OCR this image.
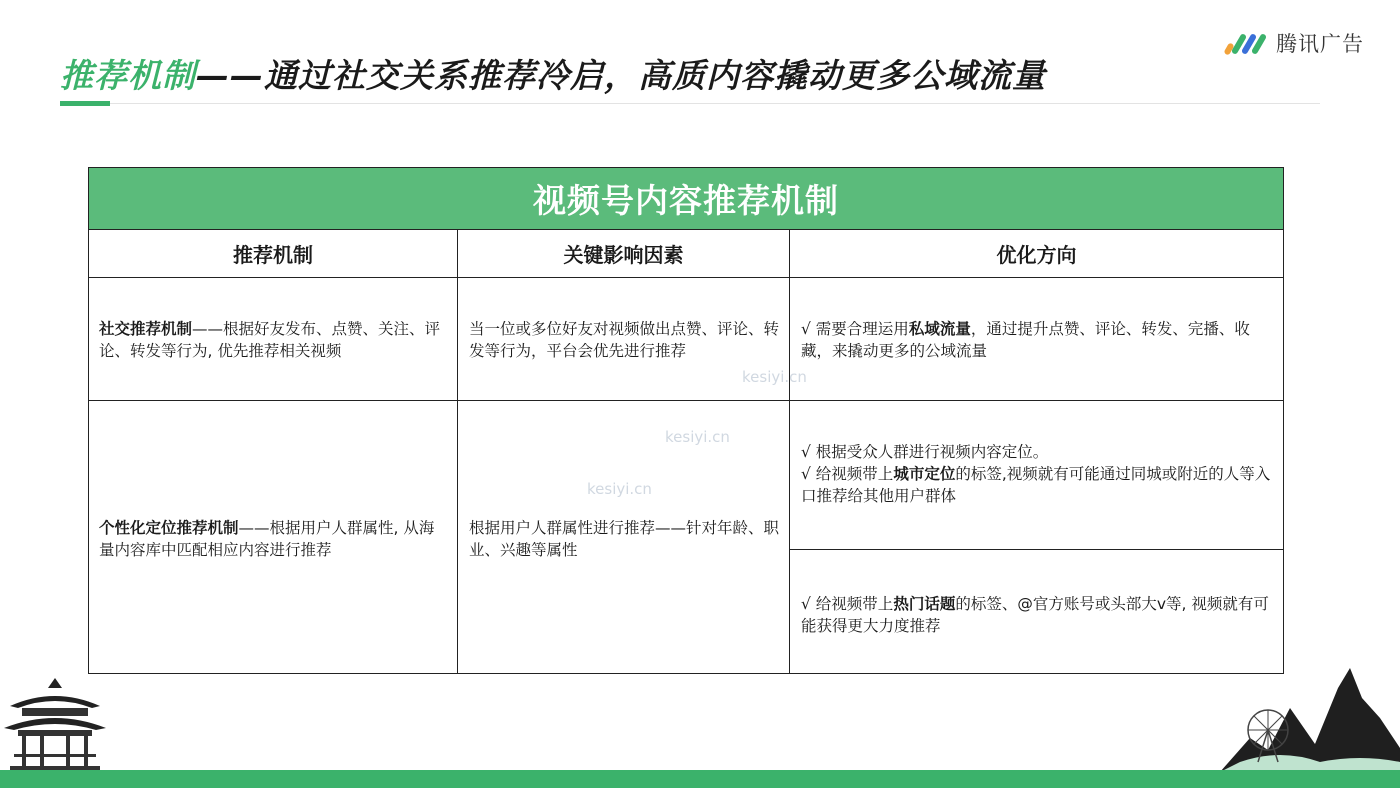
推荐机制——通过社交关系推荐冷启，高质内容撬动更多公域流量
腾讯广告
视频号内容推荐机制
推荐机制	关键影响因素	优化方向
社交推荐机制——根据好友发布、点赞、关注、评论、转发等行为, 优先推荐相关视频
当一位或多位好友对视频做出点赞、评论、转发等行为，平台会优先进行推荐
√ 需要合理运用私域流量，通过提升点赞、评论、转发、完播、收藏，来撬动更多的公域流量
个性化定位推荐机制——根据用户人群属性, 从海量内容库中匹配相应内容进行推荐
根据用户人群属性进行推荐——针对年龄、职业、兴趣等属性
√ 根据受众人群进行视频内容定位。
√ 给视频带上城市定位的标签,视频就有可能通过同城或附近的人等入口推荐给其他用户群体
√ 给视频带上热门话题的标签、@官方账号或头部大v等, 视频就有可能获得更大力度推荐
kesiyi.cn
kesiyi.cn
kesiyi.cn
